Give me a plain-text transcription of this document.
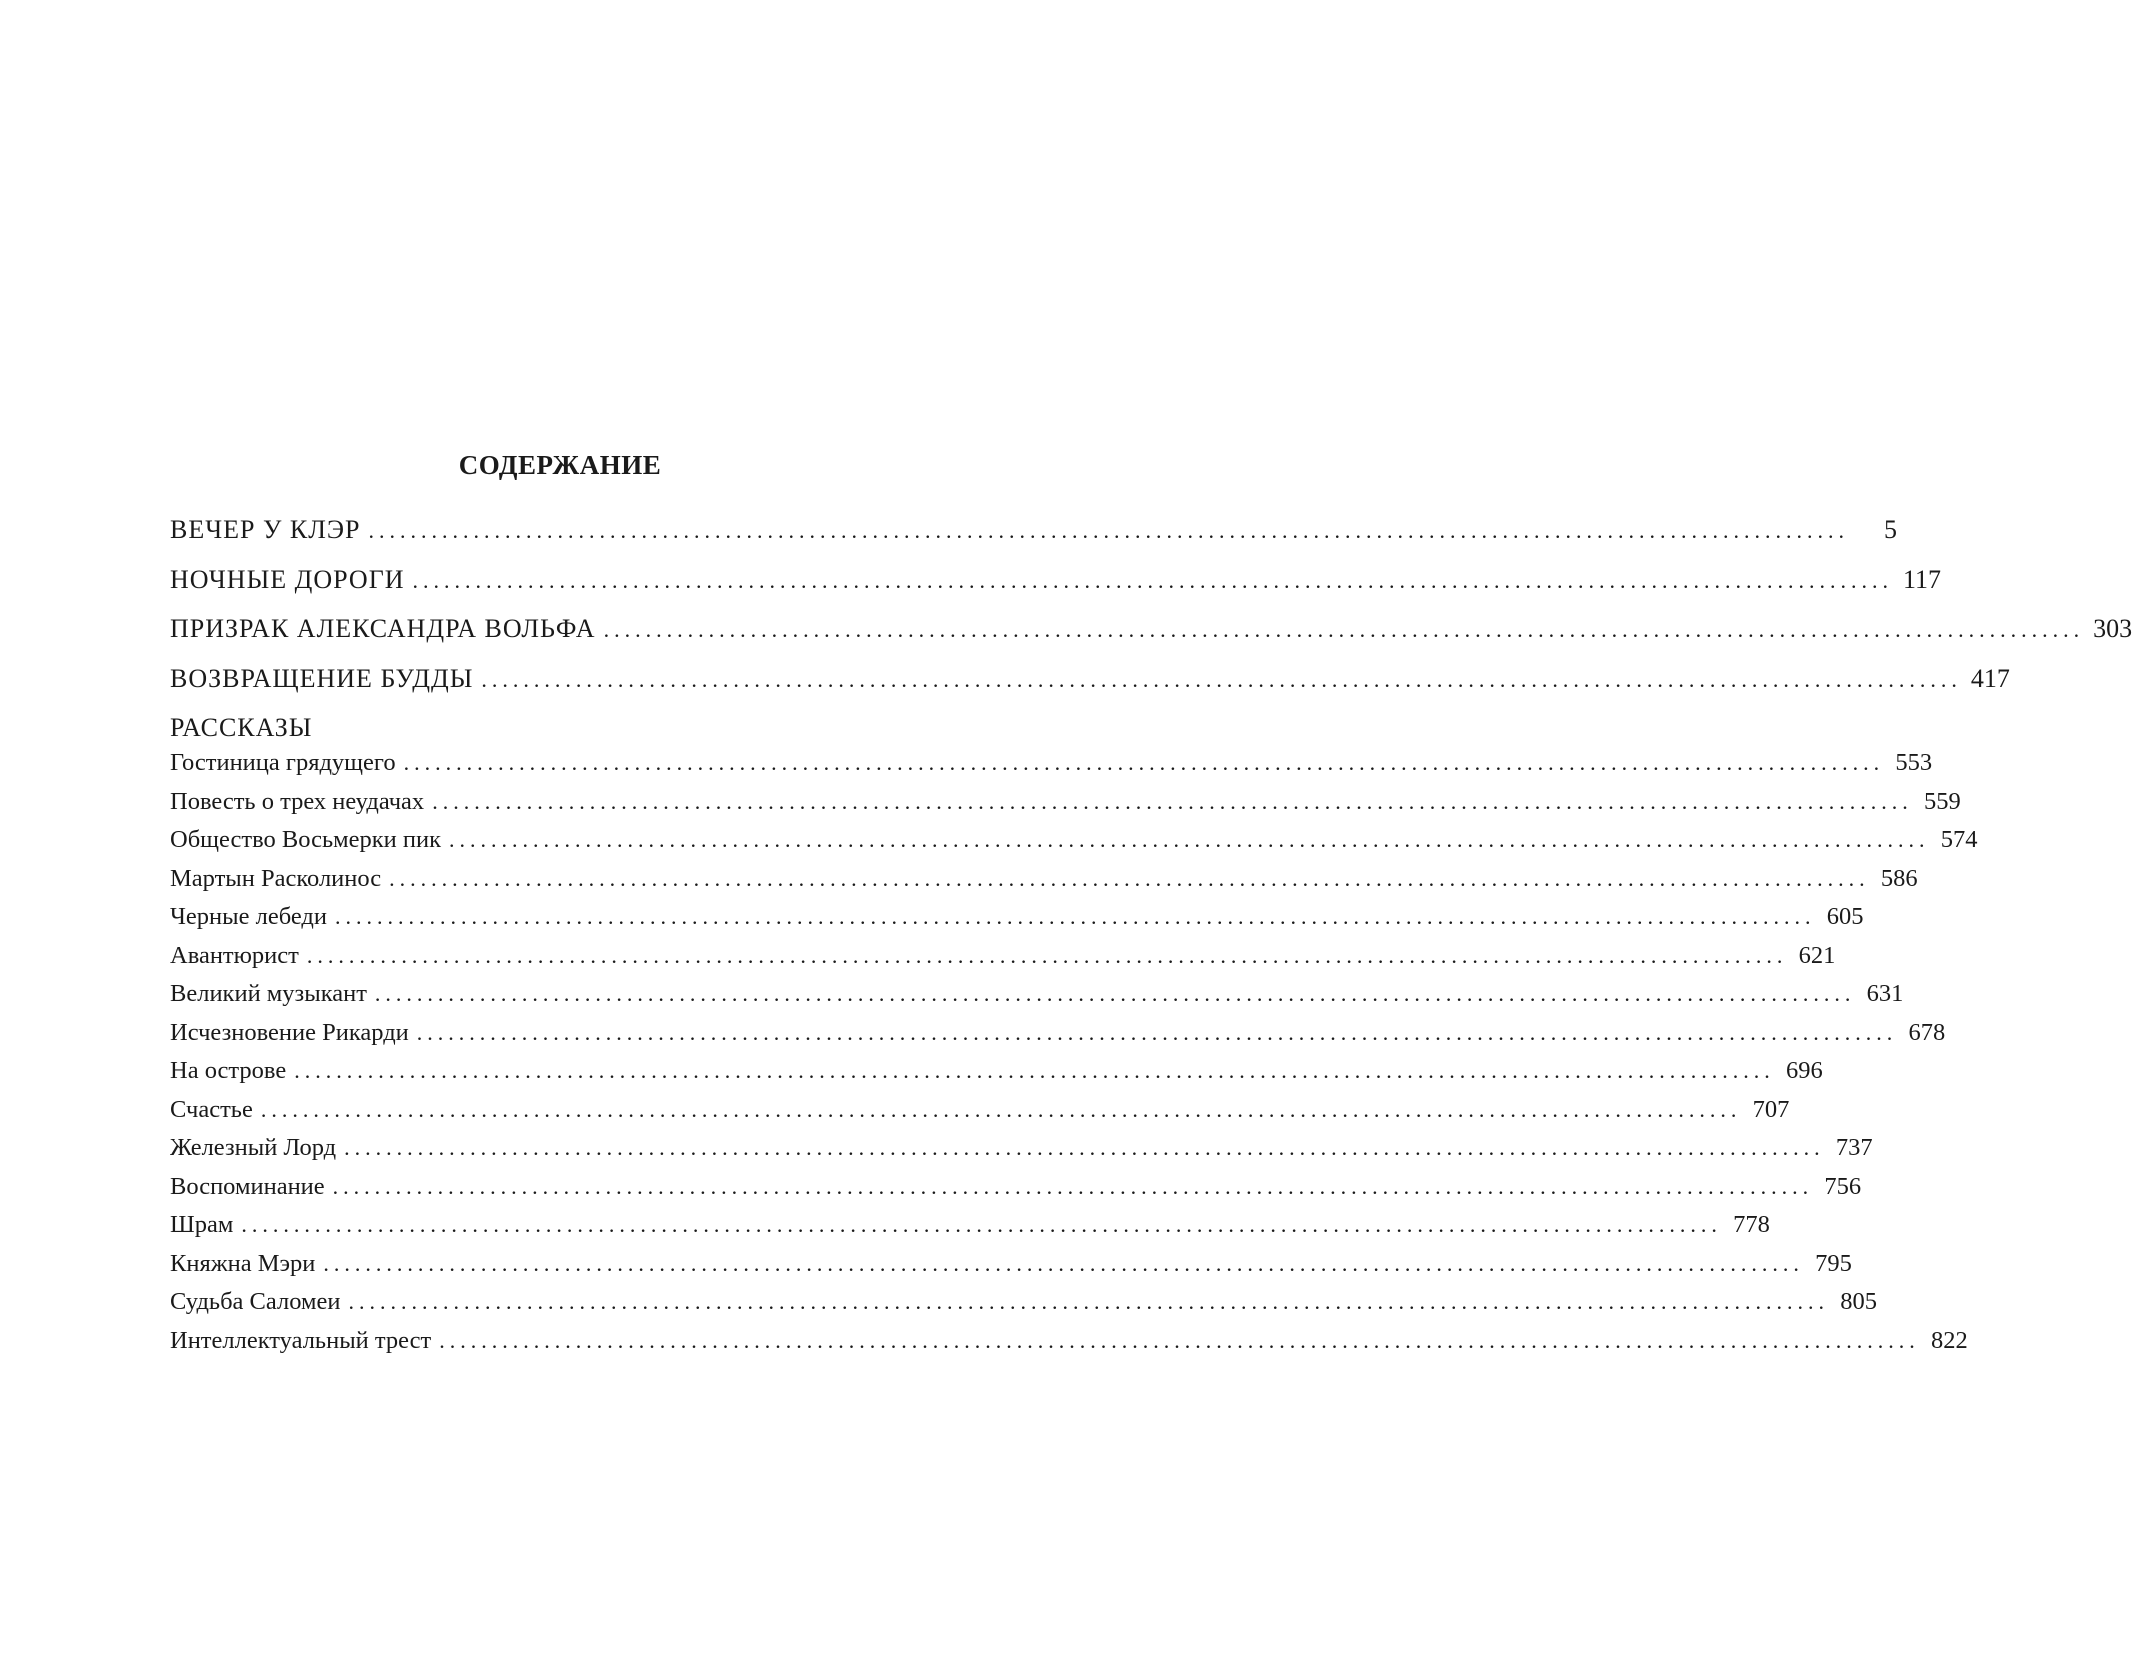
СОДЕРЖАНИЕ
ВЕЧЕР У КЛЭР .............................................................................................................................................	5
НОЧНЫЕ ДОРОГИ ............................................................................................................................................. 117
ПРИЗРАК АЛЕКСАНДРА ВОЛЬФА ............................................................................................................................................. 303
ВОЗВРАЩЕНИЕ БУДДЫ ............................................................................................................................................. 417
РАССКАЗЫ
Гостиница грядущего ............................................................................................................................................. 553
Повесть о трех неудачах ............................................................................................................................................. 559
Общество Восьмерки пик ............................................................................................................................................. 574
Мартын Расколинос ............................................................................................................................................. 586
Черные лебеди ............................................................................................................................................. 605
Авантюрист ............................................................................................................................................. 621
Великий музыкант ............................................................................................................................................. 631
Исчезновение Рикарди ............................................................................................................................................. 678
На острове ............................................................................................................................................. 696
Счастье ............................................................................................................................................. 707
Железный Лорд ............................................................................................................................................. 737
Воспоминание ............................................................................................................................................. 756
Шрам ............................................................................................................................................. 778
Княжна Мэри ............................................................................................................................................. 795
Судьба Саломеи ............................................................................................................................................. 805
Интеллектуальный трест ............................................................................................................................................. 822
